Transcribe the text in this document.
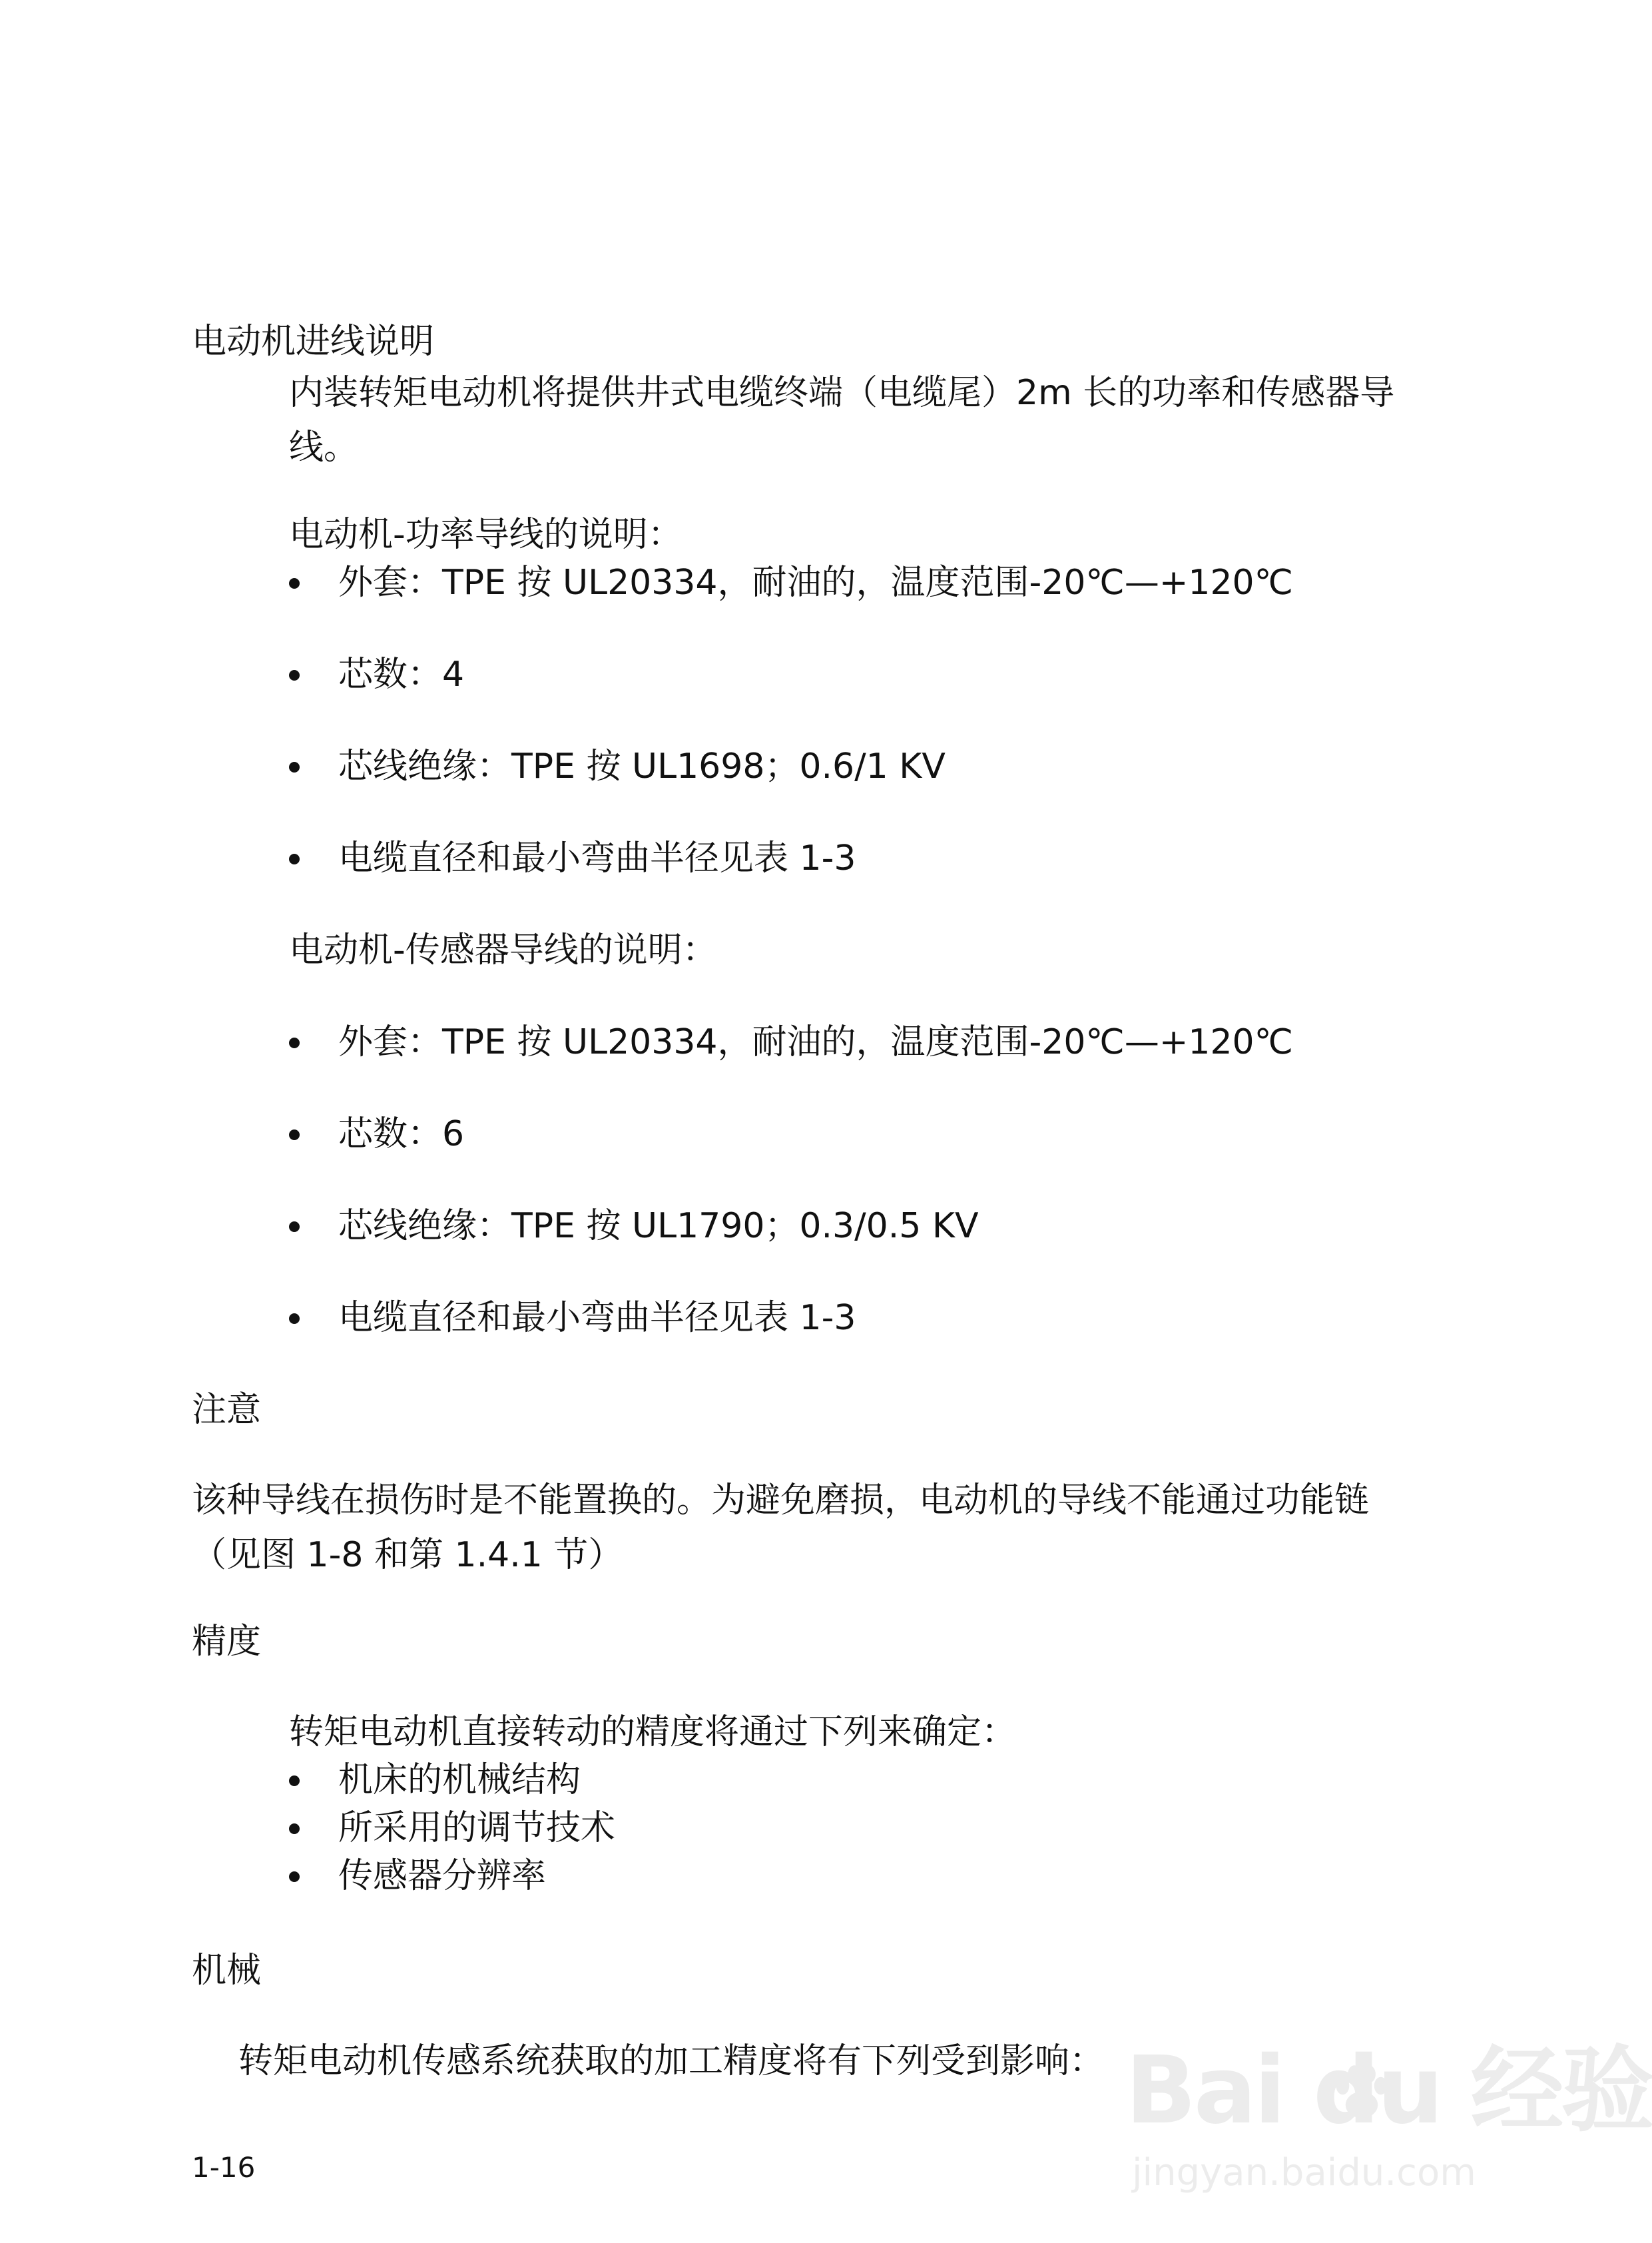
电动机进线说明

内装转矩电动机将提供井式电缆终端（电缆尾）2m 长的功率和传感器导线。

电动机-功率导线的说明：

外套：TPE 按 UL20334，耐油的，温度范围-20℃—+120℃
芯数：4
芯线绝缘：TPE 按 UL1698；0.6/1 KV
电缆直径和最小弯曲半径见表 1-3

电动机-传感器导线的说明：

外套：TPE 按 UL20334，耐油的，温度范围-20℃—+120℃
芯数：6
芯线绝缘：TPE 按 UL1790；0.3/0.5 KV
电缆直径和最小弯曲半径见表 1-3

注意

该种导线在损伤时是不能置换的。为避免磨损，电动机的导线不能通过功能链（见图 1-8 和第 1.4.1 节）

精度

转矩电动机直接转动的精度将通过下列来确定：

机床的机械结构
所采用的调节技术
传感器分辨率

机械

转矩电动机传感系统获取的加工精度将有下列受到影响：

1-16

Bai du 经验
jingyan.baidu.com
